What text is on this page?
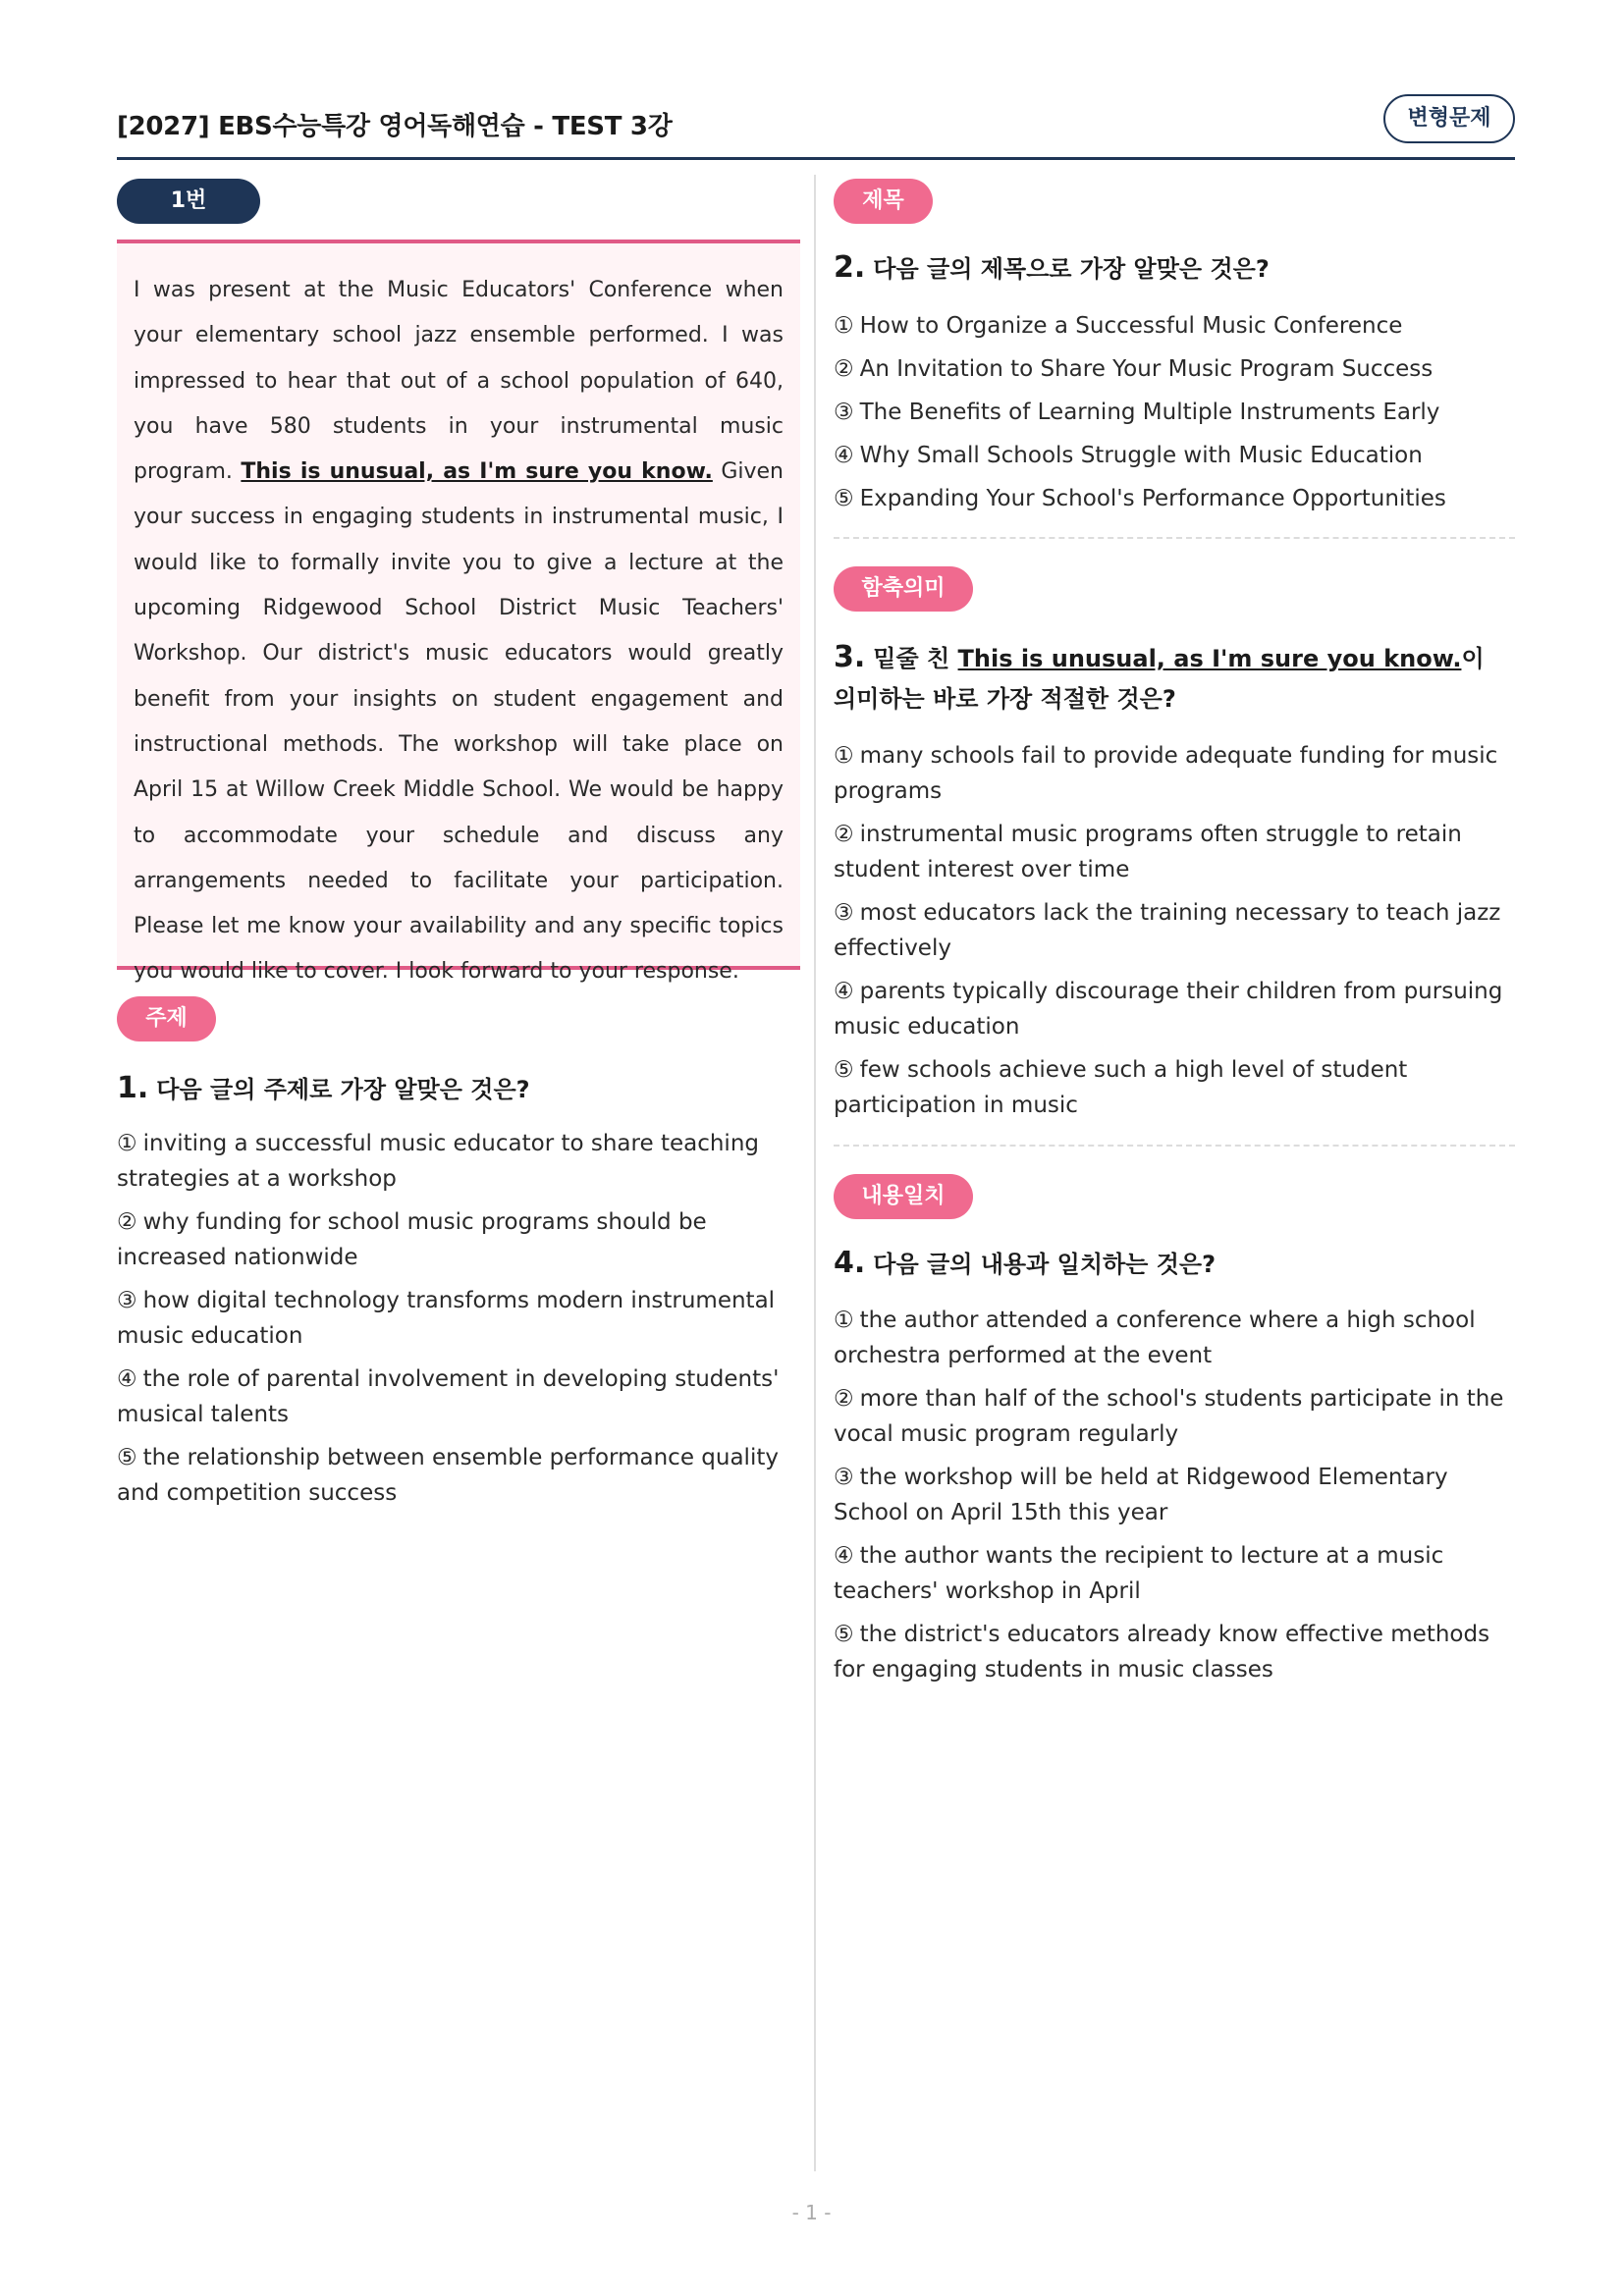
[2027] EBS수능특강 영어독해연습 - TEST 3강	변형문제
1번

I was present at the Music Educators' Conference when your elementary school jazz ensemble performed. I was impressed to hear that out of a school population of 640, you have 580 students in your instrumental music program. This is unusual, as I'm sure you know. Given your success in engaging students in instrumental music, I would like to formally invite you to give a lecture at the upcoming Ridgewood School District Music Teachers' Workshop. Our district's music educators would greatly benefit from your insights on student engagement and instructional methods. The workshop will take place on April 15 at Willow Creek Middle School. We would be happy to accommodate your schedule and discuss any arrangements needed to facilitate your participation. Please let me know your availability and any specific topics you would like to cover. I look forward to your response.

주제
1. 다음 글의 주제로 가장 알맞은 것은?
① inviting a successful music educator to share teaching strategies at a workshop
② why funding for school music programs should be increased nationwide
③ how digital technology transforms modern instrumental music education
④ the role of parental involvement in developing students' musical talents
⑤ the relationship between ensemble performance quality and competition success
제목
2. 다음 글의 제목으로 가장 알맞은 것은?
① How to Organize a Successful Music Conference
② An Invitation to Share Your Music Program Success
③ The Benefits of Learning Multiple Instruments Early
④ Why Small Schools Struggle with Music Education
⑤ Expanding Your School's Performance Opportunities
함축의미
3. 밑줄 친 This is unusual, as I'm sure you know.이 의미하는 바로 가장 적절한 것은?
① many schools fail to provide adequate funding for music programs
② instrumental music programs often struggle to retain student interest over time
③ most educators lack the training necessary to teach jazz effectively
④ parents typically discourage their children from pursuing music education
⑤ few schools achieve such a high level of student participation in music
내용일치
4. 다음 글의 내용과 일치하는 것은?
① the author attended a conference where a high school orchestra performed at the event
② more than half of the school's students participate in the vocal music program regularly
③ the workshop will be held at Ridgewood Elementary School on April 15th this year
④ the author wants the recipient to lecture at a music teachers' workshop in April
⑤ the district's educators already know effective methods for engaging students in music classes
- 1 -
